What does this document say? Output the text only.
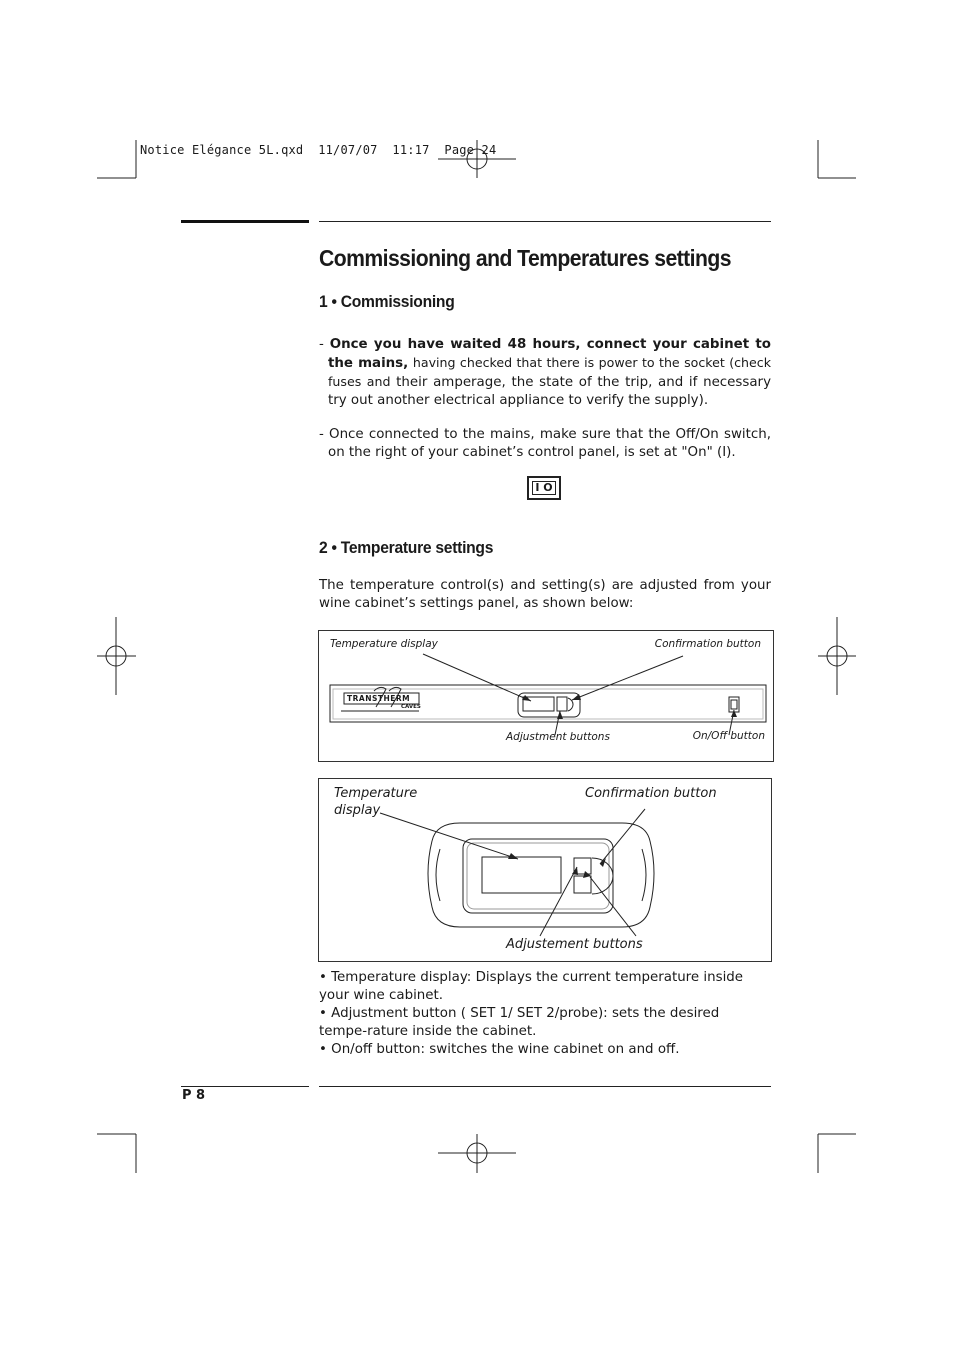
Notice Elégance 5L.qxd  11/07/07  11:17  Page 24
Commissioning and Temperatures settings
1 • Commissioning

- Once you have waited 48 hours, connect your cabinet to the mains, having checked that there is power to the socket (check fuses and their amperage, the state of the trip, and if necessary try out another electrical appliance to verify the supply).

- Once connected to the mains, make sure that the Off/On switch, on the right of your cabinet’s control panel, is set at "On" (I).

I O
2 • Temperature settings

The temperature control(s) and setting(s) are adjusted from your wine cabinet’s settings panel, as shown below:

TRANSTHERM
CAVES
Temperature display	Confirmation button
Adjustment buttons	On/Off button
Temperature
display
Confirmation button
Adjustement buttons

• Temperature display: Displays the current temperature inside your wine cabinet.

• Adjustment button ( SET 1/ SET 2/probe): sets the desired tempe-rature inside the cabinet.

• On/off button: switches the wine cabinet on and off.

P 8
